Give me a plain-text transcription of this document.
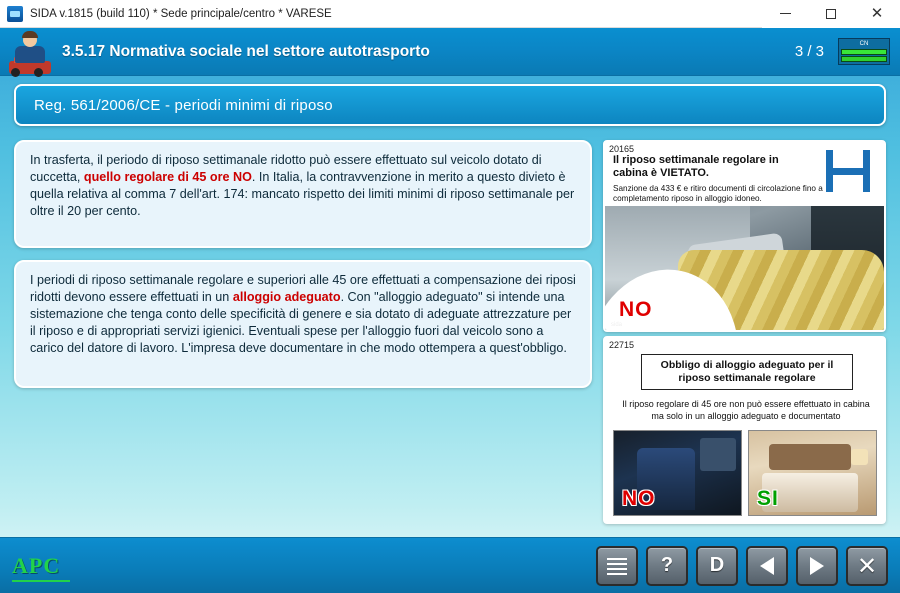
SIDA v.1815 (build 110) * Sede principale/centro * VARESE	✕
3.5.17 Normativa sociale nel settore autotrasporto	3 / 3	CN
Reg. 561/2006/CE - periodi minimi di riposo

In trasferta, il periodo di riposo settimanale ridotto può essere effettuato sul veicolo dotato di cuccetta, quello regolare di 45 ore NO. In Italia, la contravvenzione in merito a questo divieto è quella relativa al comma 7 dell'art. 174: mancato rispetto dei limiti minimi di riposo settimanale per oltre il 20 per cento.

I periodi di riposo settimanale regolare e superiori alle 45 ore effettuati a compensazione dei riposi ridotti devono essere effettuati in un alloggio adeguato. Con "alloggio adeguato" si intende una sistemazione che tenga conto delle specificità di genere e sia dotato di adeguate attrezzature per il riposo e di appropriati servizi igienici. Eventuali spese per l'alloggio fuori dal veicolo sono a carico del datore di lavoro. L'impresa deve documentare in che modo ottempera a quest'obbligo.

20165
Il riposo settimanale regolare in cabina è VIETATO.
Sanzione da 433 € e ritiro documenti di circolazione fino a completamento riposo in alloggio idoneo.
NO
sida
22715
Obbligo di alloggio adeguato per il riposo settimanale regolare
Il riposo regolare di 45 ore non può essere effettuato in cabina ma solo in un alloggio adeguato e documentato
NO	SI
APC	? D	✕
